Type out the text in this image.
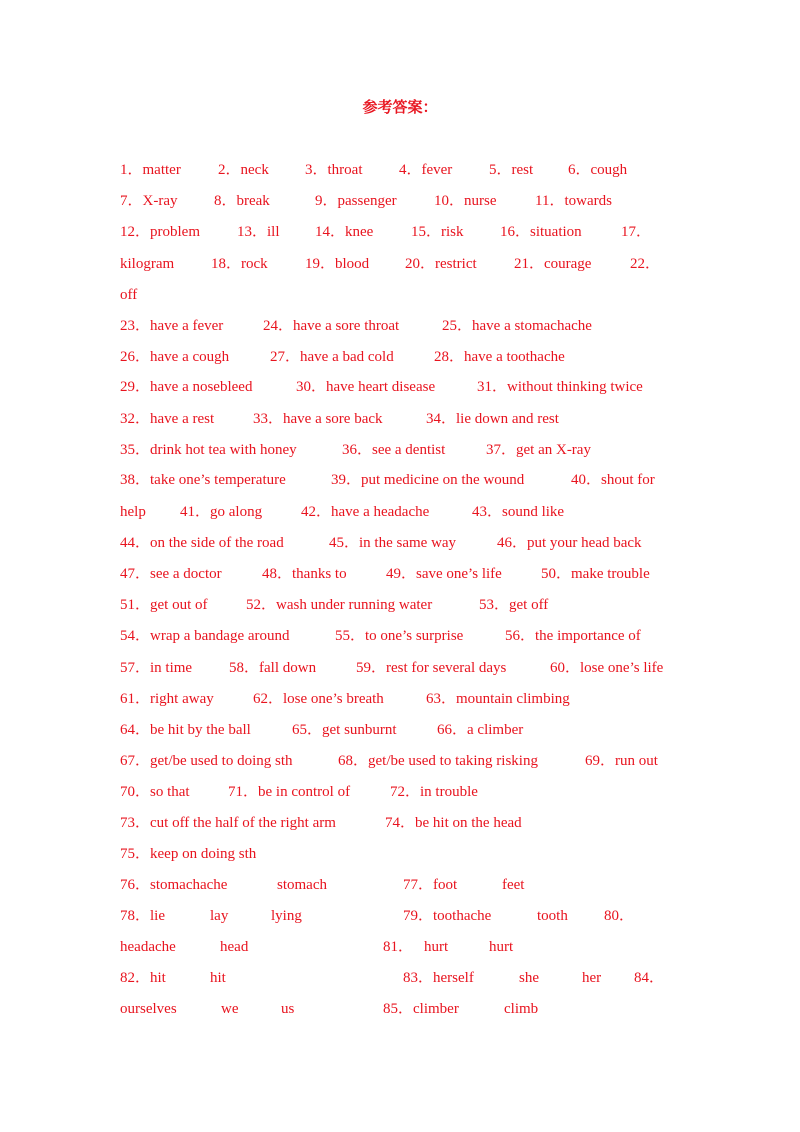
参考答案：
1．matter 2．neck 3．throat 4．fever 5．rest 6．cough
7．X-ray 8．break	9．passenger 10．nurse	11．towards
12．problem 13．ill 14．knee	15．risk 16．situation	17．
kilogram 18．rock 19．blood 20．restrict 21．courage	22．
off
23．have a fever	24．have a sore throat	25．have a stomachache
26．have a cough	27．have a bad cold	28．have a toothache
29．have a nosebleed	30．have heart disease	31．without thinking twice
32．have a rest	33．have a sore back	34．lie down and rest
35．drink hot tea with honey	36．see a dentist	37．get an X-ray
38．take one’s temperature	39．put medicine on the wound	40．shout for
help 41．go along	42．have a headache	43．sound like
44．on the side of the road	45．in the same way	46．put your head back
47．see a doctor	48．thanks to	49．save one’s life	50．make trouble
51．get out of	52．wash under running water	53．get off
54．wrap a bandage around	55．to one’s surprise	56．the importance of
57．in time 58．fall down	59．rest for several days	60．lose one’s life
61．right away	62．lose one’s breath	63．mountain climbing
64．be hit by the ball	65．get sunburnt	66．a climber
67．get/be used to doing sth	68．get/be used to taking risking	69．run out
70．so that	71．be in control of	72．in trouble
73．cut off the half of the right arm	74．be hit on the head
75．keep on doing sth
76．stomachache	stomach	77．foot	feet
78．lie	lay	lying	79．toothache	tooth 80．
headache	head	81． hurt	hurt
82．hit	hit	83．herself	she	her 84．
ourselves	we	us	85．climber	climb
